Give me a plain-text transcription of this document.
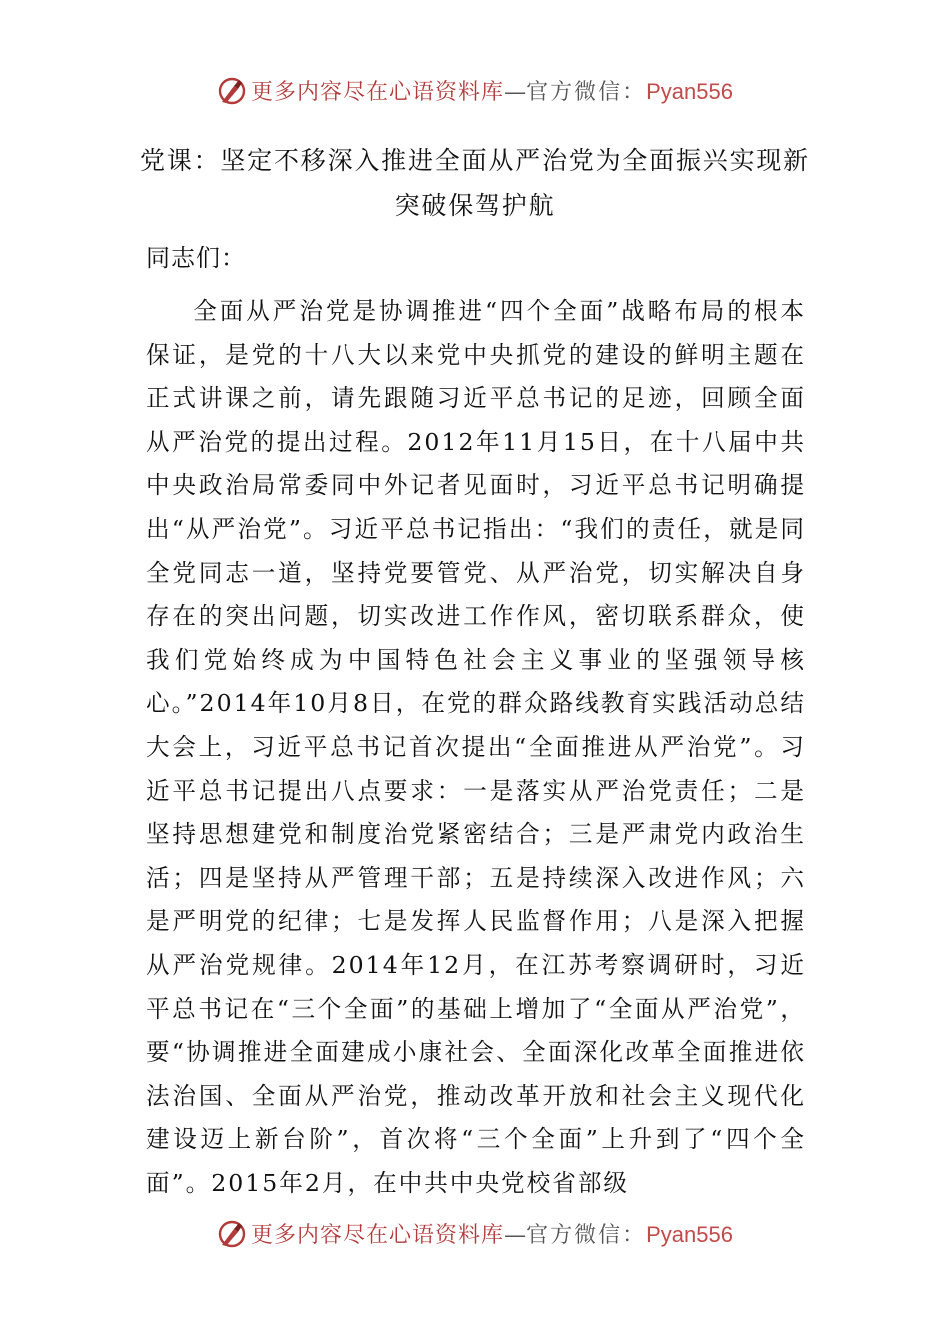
更多内容尽在心语资料库—官方微信：Pyan556
党课：坚定不移深入推进全面从严治党为全面振兴实现新
突破保驾护航
同志们：

全面从严治党是协调推进“四个全面”战略布局的根本保证，是党的十八大以来党中央抓党的建设的鲜明主题在正式讲课之前，请先跟随习近平总书记的足迹，回顾全面从严治党的提出过程。2012年11月15日，在十八届中共中央政治局常委同中外记者见面时，习近平总书记明确提出“从严治党”。习近平总书记指出：“我们的责任，就是同全党同志一道，坚持党要管党、从严治党，切实解决自身存在的突出问题，切实改进工作作风，密切联系群众，使我们党始终成为中国特色社会主义事业的坚强领导核心。”2014年10月8日，在党的群众路线教育实践活动总结大会上，习近平总书记首次提出“全面推进从严治党”。习近平总书记提出八点要求：一是落实从严治党责任；二是坚持思想建党和制度治党紧密结合；三是严肃党内政治生活；四是坚持从严管理干部；五是持续深入改进作风；六是严明党的纪律；七是发挥人民监督作用；八是深入把握从严治党规律。2014年12月，在江苏考察调研时，习近平总书记在“三个全面”的基础上增加了“全面从严治党”，要“协调推进全面建成小康社会、全面深化改革全面推进依法治国、全面从严治党，推动改革开放和社会主义现代化建设迈上新台阶”，首次将“三个全面”上升到了“四个全面”。2015年2月，在中共中央党校省部级

更多内容尽在心语资料库—官方微信：Pyan556
